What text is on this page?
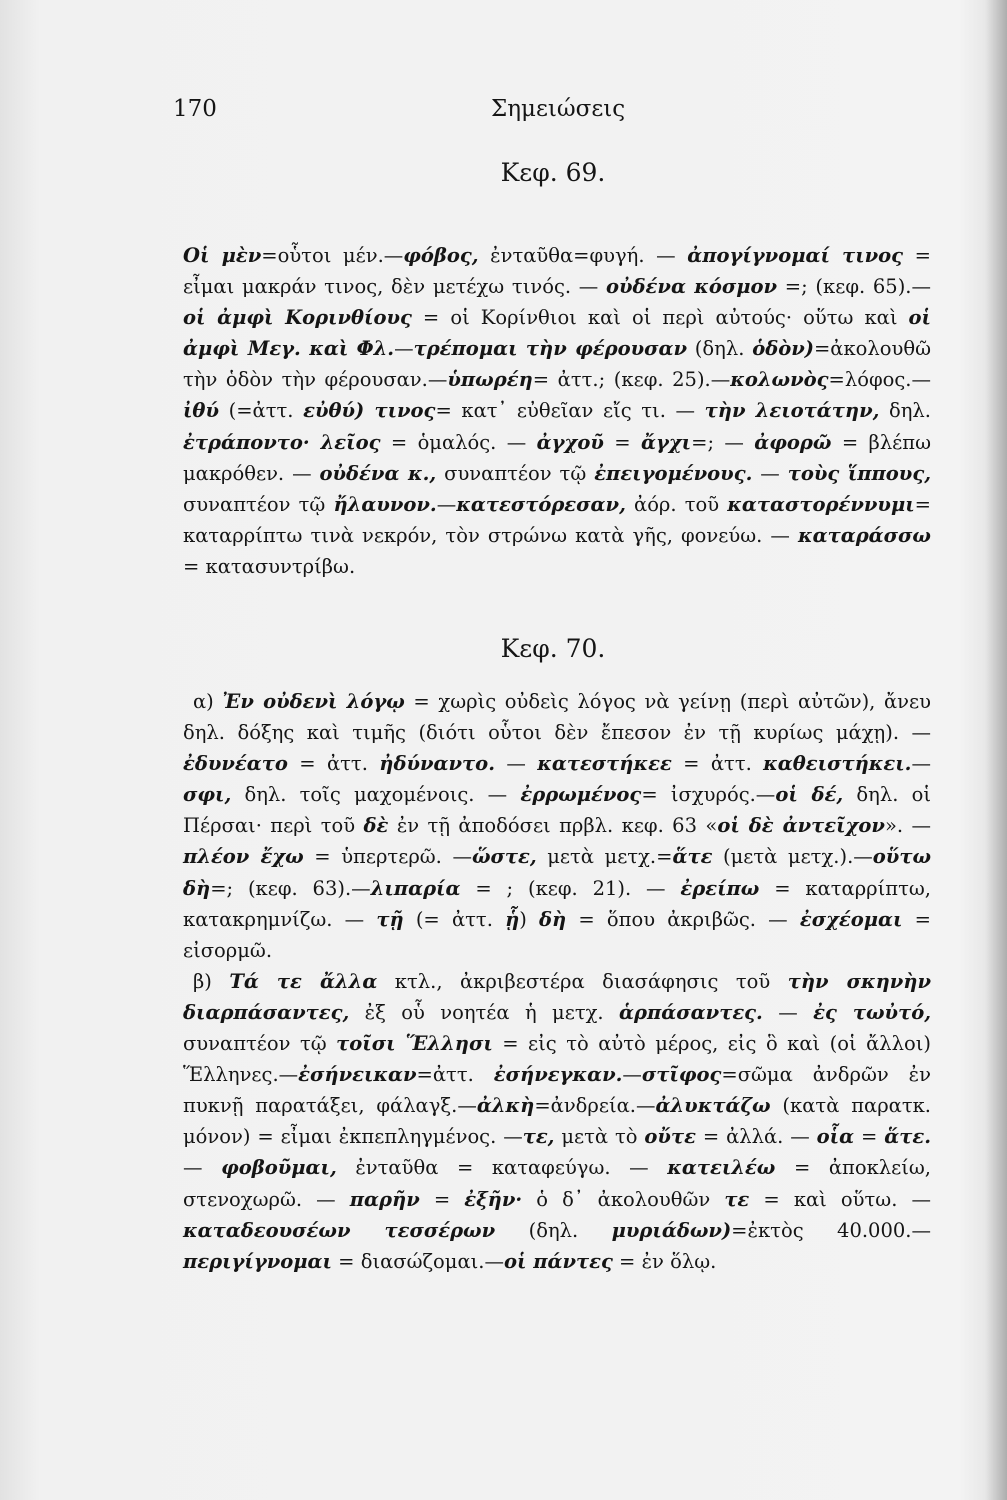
170	Σημειώσεις
Κεφ. 69.

Οἱ μὲν=οὗτοι μέν.—φόβος, ἐνταῦθα=φυγή. — ἀπογίγνομαί τινος = εἶμαι μακράν τινος, δὲν μετέχω τινός. — οὐδένα κόσμον =; (κεφ. 65).—οἱ ἀμφὶ Κορινθίους = οἱ Κορίνθιοι καὶ οἱ περὶ αὐτούς· οὕτω καὶ οἱ ἀμφὶ Μεγ. καὶ Φλ.—τρέπομαι τὴν φέρουσαν (δηλ. ὁδὸν)=ἀκολουθῶ τὴν ὁδὸν τὴν φέρουσαν.—ὑπωρέη= ἀττ.; (κεφ. 25).—κολωνὸς=λόφος.—ἰθύ (=ἀττ. εὐθύ) τινος= κατ᾽ εὐθεῖαν εἴς τι. — τὴν λειοτάτην, δηλ. ἐτράποντο· λεῖος = ὁμαλός. — ἀγχοῦ = ἄγχι=; — ἀφορῶ = βλέπω μακρόθεν. — οὐδένα κ., συναπτέον τῷ ἐπειγομένους. — τοὺς ἵππους, συναπτέον τῷ ἤλαυνον.—κατεστόρεσαν, ἀόρ. τοῦ καταστορέννυμι= καταρρίπτω τινὰ νεκρόν, τὸν στρώνω κατὰ γῆς, φονεύω. — καταράσσω = κατασυντρίβω.

Κεφ. 70.

α) Ἐν οὐδενὶ λόγῳ = χωρὶς οὐδεὶς λόγος νὰ γείνῃ (περὶ αὐτῶν), ἄνευ δηλ. δόξης καὶ τιμῆς (διότι οὗτοι δὲν ἔπεσον ἐν τῇ κυρίως μάχῃ). — ἐδυνέατο = ἀττ. ἠδύναντο. — κατεστήκεε = ἀττ. καθειστήκει.—σφι, δηλ. τοῖς μαχομένοις. — ἐρρωμένος= ἰσχυρός.—οἱ δέ, δηλ. οἱ Πέρσαι· περὶ τοῦ δὲ ἐν τῇ ἀποδόσει πρβλ. κεφ. 63 «οἱ δὲ ἀντεῖχον». —πλέον ἔχω = ὑπερτερῶ. —ὥστε, μετὰ μετχ.=ἅτε (μετὰ μετχ.).—οὕτω δὴ=; (κεφ. 63).—λιπαρία = ; (κεφ. 21). — ἐρείπω = καταρρίπτω, κατακρημνίζω. — τῇ (= ἀττ. ᾗ) δὴ = ὅπου ἀκριβῶς. — ἐσχέομαι = εἰσορμῶ.

β) Τά τε ἄλλα κτλ., ἀκριβεστέρα διασάφησις τοῦ τὴν σκηνὴν διαρπάσαντες, ἐξ οὗ νοητέα ἡ μετχ. ἁρπάσαντες. — ἐς τωὐτό, συναπτέον τῷ τοῖσι Ἕλλησι = εἰς τὸ αὐτὸ μέρος, εἰς ὃ καὶ (οἱ ἄλλοι) Ἕλληνες.—ἐσήνεικαν=ἀττ. ἐσήνεγκαν.—στῖφος=σῶμα ἀνδρῶν ἐν πυκνῇ παρατάξει, φάλαγξ.—ἀλκὴ=ἀνδρεία.—ἀλυκτάζω (κατὰ παρατκ. μόνον) = εἶμαι ἐκπεπληγμένος. —τε, μετὰ τὸ οὔτε = ἀλλά. — οἷα = ἅτε. — φοβοῦμαι, ἐνταῦθα = καταφεύγω. — κατειλέω = ἀποκλείω, στενοχωρῶ. — παρῆν = ἐξῆν· ὁ δ᾽ ἀκολουθῶν τε = καὶ οὕτω. — καταδεουσέων τεσσέρων (δηλ. μυριάδων)=ἐκτὸς 40.000.—περιγίγνομαι = διασώζομαι.—οἱ πάντες = ἐν ὅλῳ.
